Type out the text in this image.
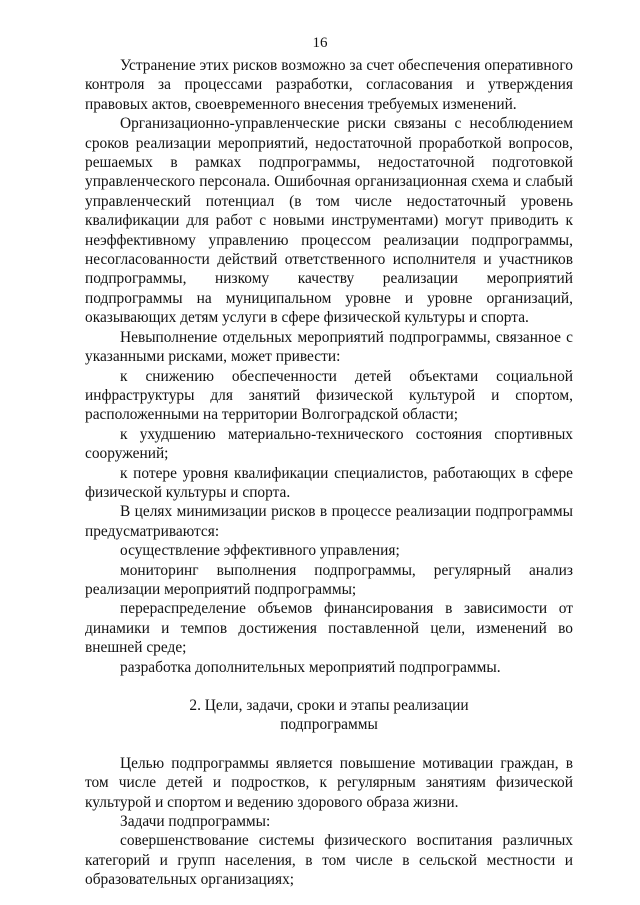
16

Устранение этих рисков возможно за счет обеспечения оперативного контроля за процессами разработки, согласования и утверждения правовых актов, своевременного внесения требуемых изменений.

Организационно-управленческие риски связаны с несоблюдением сроков реализации мероприятий, недостаточной проработкой вопросов, решаемых в рамках подпрограммы, недостаточной подготовкой управленческого персонала. Ошибочная организационная схема и слабый управленческий потенциал (в том числе недостаточный уровень квалификации для работ с новыми инструментами) могут приводить к неэффективному управлению процессом реализации подпрограммы, несогласованности действий ответственного исполнителя и участников подпрограммы, низкому качеству реализации мероприятий подпрограммы на муниципальном уровне и уровне организаций, оказывающих детям услуги в сфере физической культуры и спорта.

Невыполнение отдельных мероприятий подпрограммы, связанное с указанными рисками, может привести:

к снижению обеспеченности детей объектами социальной инфраструктуры для занятий физической культурой и спортом, расположенными на территории Волгоградской области;

к ухудшению материально-технического состояния спортивных сооружений;

к потере уровня квалификации специалистов, работающих в сфере физической культуры и спорта.

В целях минимизации рисков в процессе реализации подпрограммы предусматриваются:

осуществление эффективного управления;

мониторинг выполнения подпрограммы, регулярный анализ реализации мероприятий подпрограммы;

перераспределение объемов финансирования в зависимости от динамики и темпов достижения поставленной цели, изменений во внешней среде;

разработка дополнительных мероприятий подпрограммы.

2. Цели, задачи, сроки и этапы реализации
подпрограммы

Целью подпрограммы является повышение мотивации граждан, в том числе детей и подростков, к регулярным занятиям физической культурой и спортом и ведению здорового образа жизни.

Задачи подпрограммы:

совершенствование системы физического воспитания различных категорий и групп населения, в том числе в сельской местности и образовательных организациях;
